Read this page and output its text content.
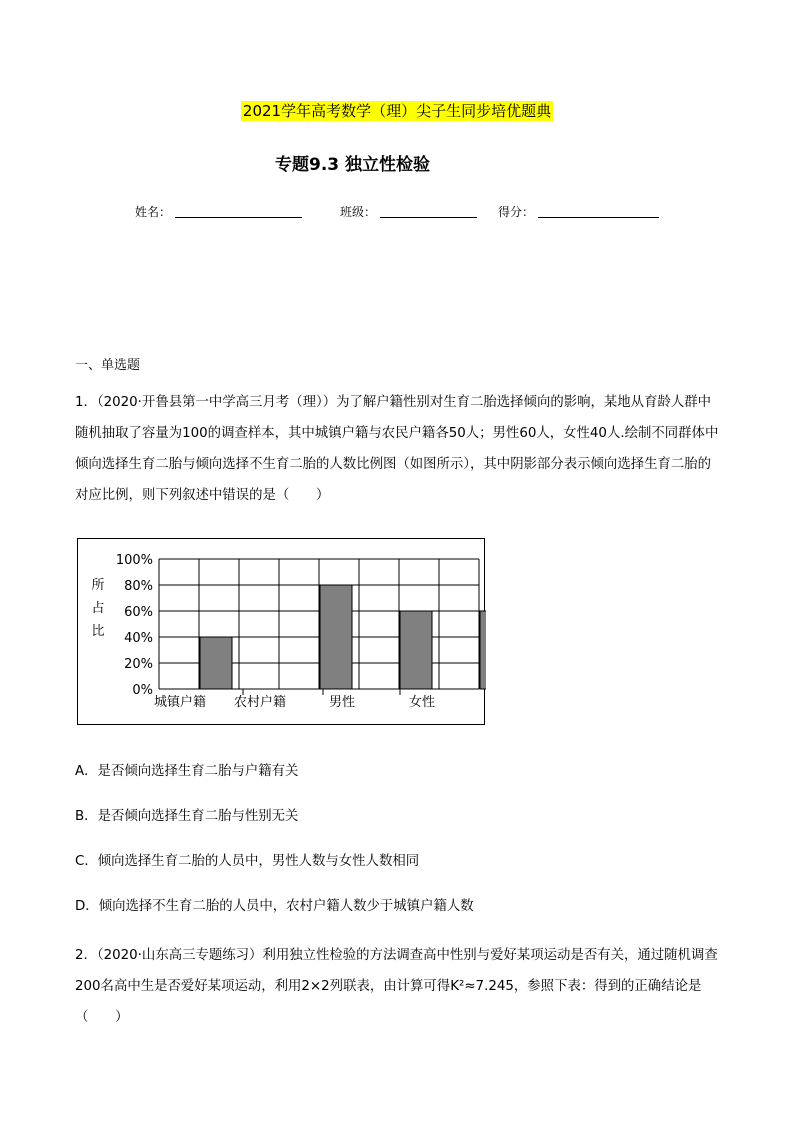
2021学年高考数学（理）尖子生同步培优题典
专题9.3 独立性检验
姓名：	班级：	得分：
一、单选题
1．（2020·开鲁县第一中学高三月考（理））为了解户籍性别对生育二胎选择倾向的影响，某地从育龄人群中随机抽取了容量为100的调查样本，其中城镇户籍与农民户籍各50人；男性60人，女性40人.绘制不同群体中倾向选择生育二胎与倾向选择不生育二胎的人数比例图（如图所示），其中阴影部分表示倾向选择生育二胎的对应比例，则下列叙述中错误的是（　　）
0%
20%
40%
60%
80%
100%
城镇户籍 农村户籍	男性	女性
所
占
比
A．是否倾向选择生育二胎与户籍有关
B．是否倾向选择生育二胎与性别无关
C．倾向选择生育二胎的人员中，男性人数与女性人数相同
D．倾向选择不生育二胎的人员中，农村户籍人数少于城镇户籍人数
2．（2020·山东高三专题练习）利用独立性检验的方法调查高中性别与爱好某项运动是否有关，通过随机调查200名高中生是否爱好某项运动，利用2×2列联表，由计算可得K²≈7.245，参照下表：得到的正确结论是（　　）
